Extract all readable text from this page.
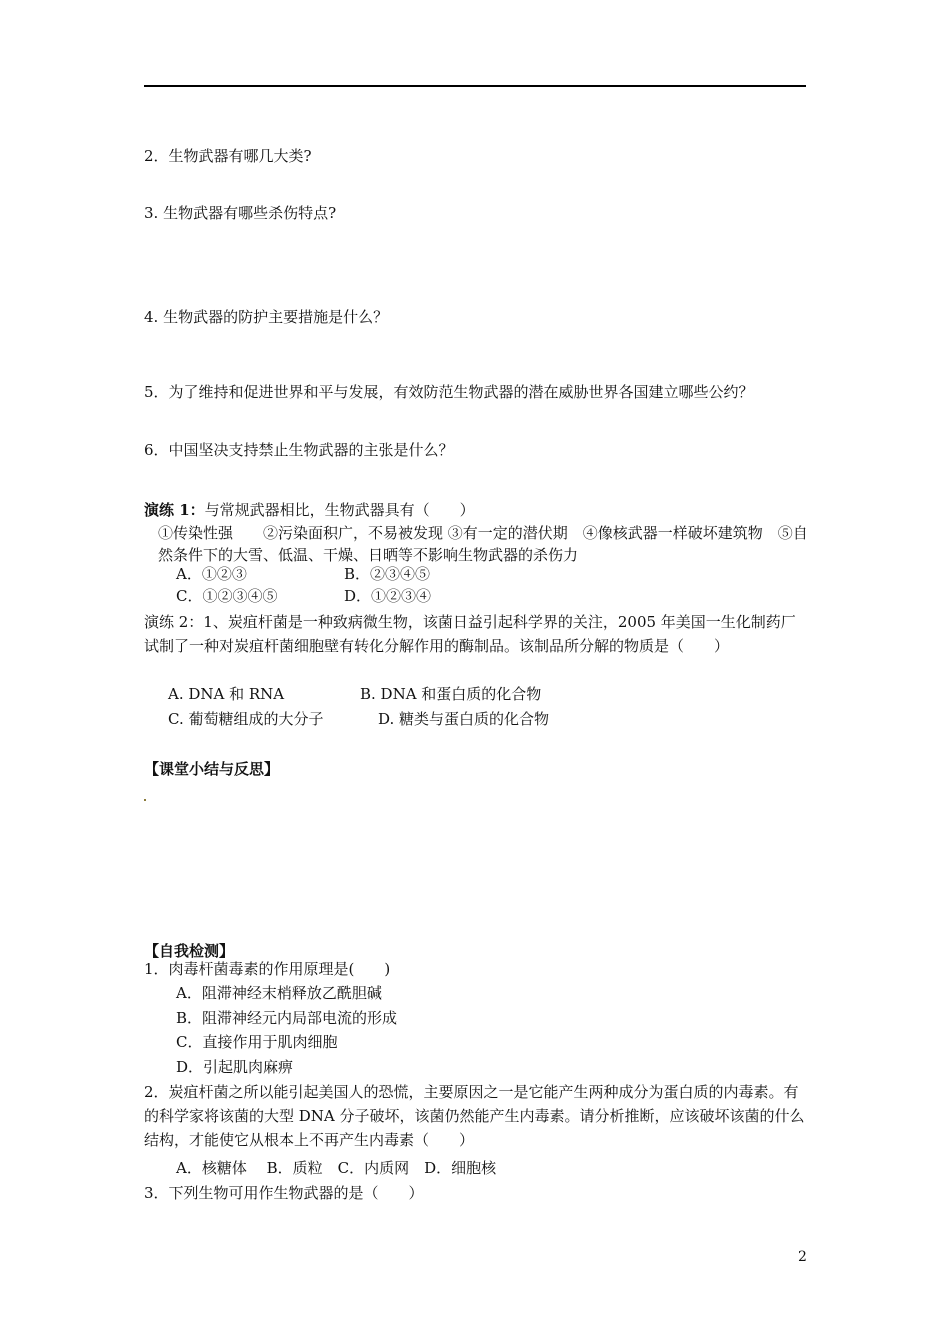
2．生物武器有哪几大类?
3. 生物武器有哪些杀伤特点?
4. 生物武器的防护主要措施是什么？
5．为了维持和促进世界和平与发展，有效防范生物武器的潜在威胁世界各国建立哪些公约？
6．中国坚决支持禁止生物武器的主张是什么？
演练 1：与常规武器相比，生物武器具有（　　）
①传染性强　　②污染面积广，不易被发现 ③有一定的潜伏期　④像核武器一样破坏建筑物　⑤自然条件下的大雪、低温、干燥、日晒等不影响生物武器的杀伤力
A．①②③	B．②③④⑤
C．①②③④⑤	D．①②③④
演练 2：1、炭疽杆菌是一种致病微生物，该菌日益引起科学界的关注，2005 年美国一生化制药厂试制了一种对炭疽杆菌细胞壁有转化分解作用的酶制品。该制品所分解的物质是（　　）
A. DNA 和 RNA	B. DNA 和蛋白质的化合物
C. 葡萄糖组成的大分子	D. 糖类与蛋白质的化合物
【课堂小结与反思】
【自我检测】
1．肉毒杆菌毒素的作用原理是(　　)
A．阻滞神经末梢释放乙酰胆碱
B．阻滞神经元内局部电流的形成
C．直接作用于肌肉细胞
D．引起肌肉麻痹
2．炭疽杆菌之所以能引起美国人的恐慌，主要原因之一是它能产生两种成分为蛋白质的内毒素。有的科学家将该菌的大型 DNA 分子破坏，该菌仍然能产生内毒素。请分析推断，应该破坏该菌的什么结构，才能使它从根本上不再产生内毒素（　　）
A．核糖体　 B．质粒　C．内质网　D．细胞核
3．下列生物可用作生物武器的是（　　）
2
